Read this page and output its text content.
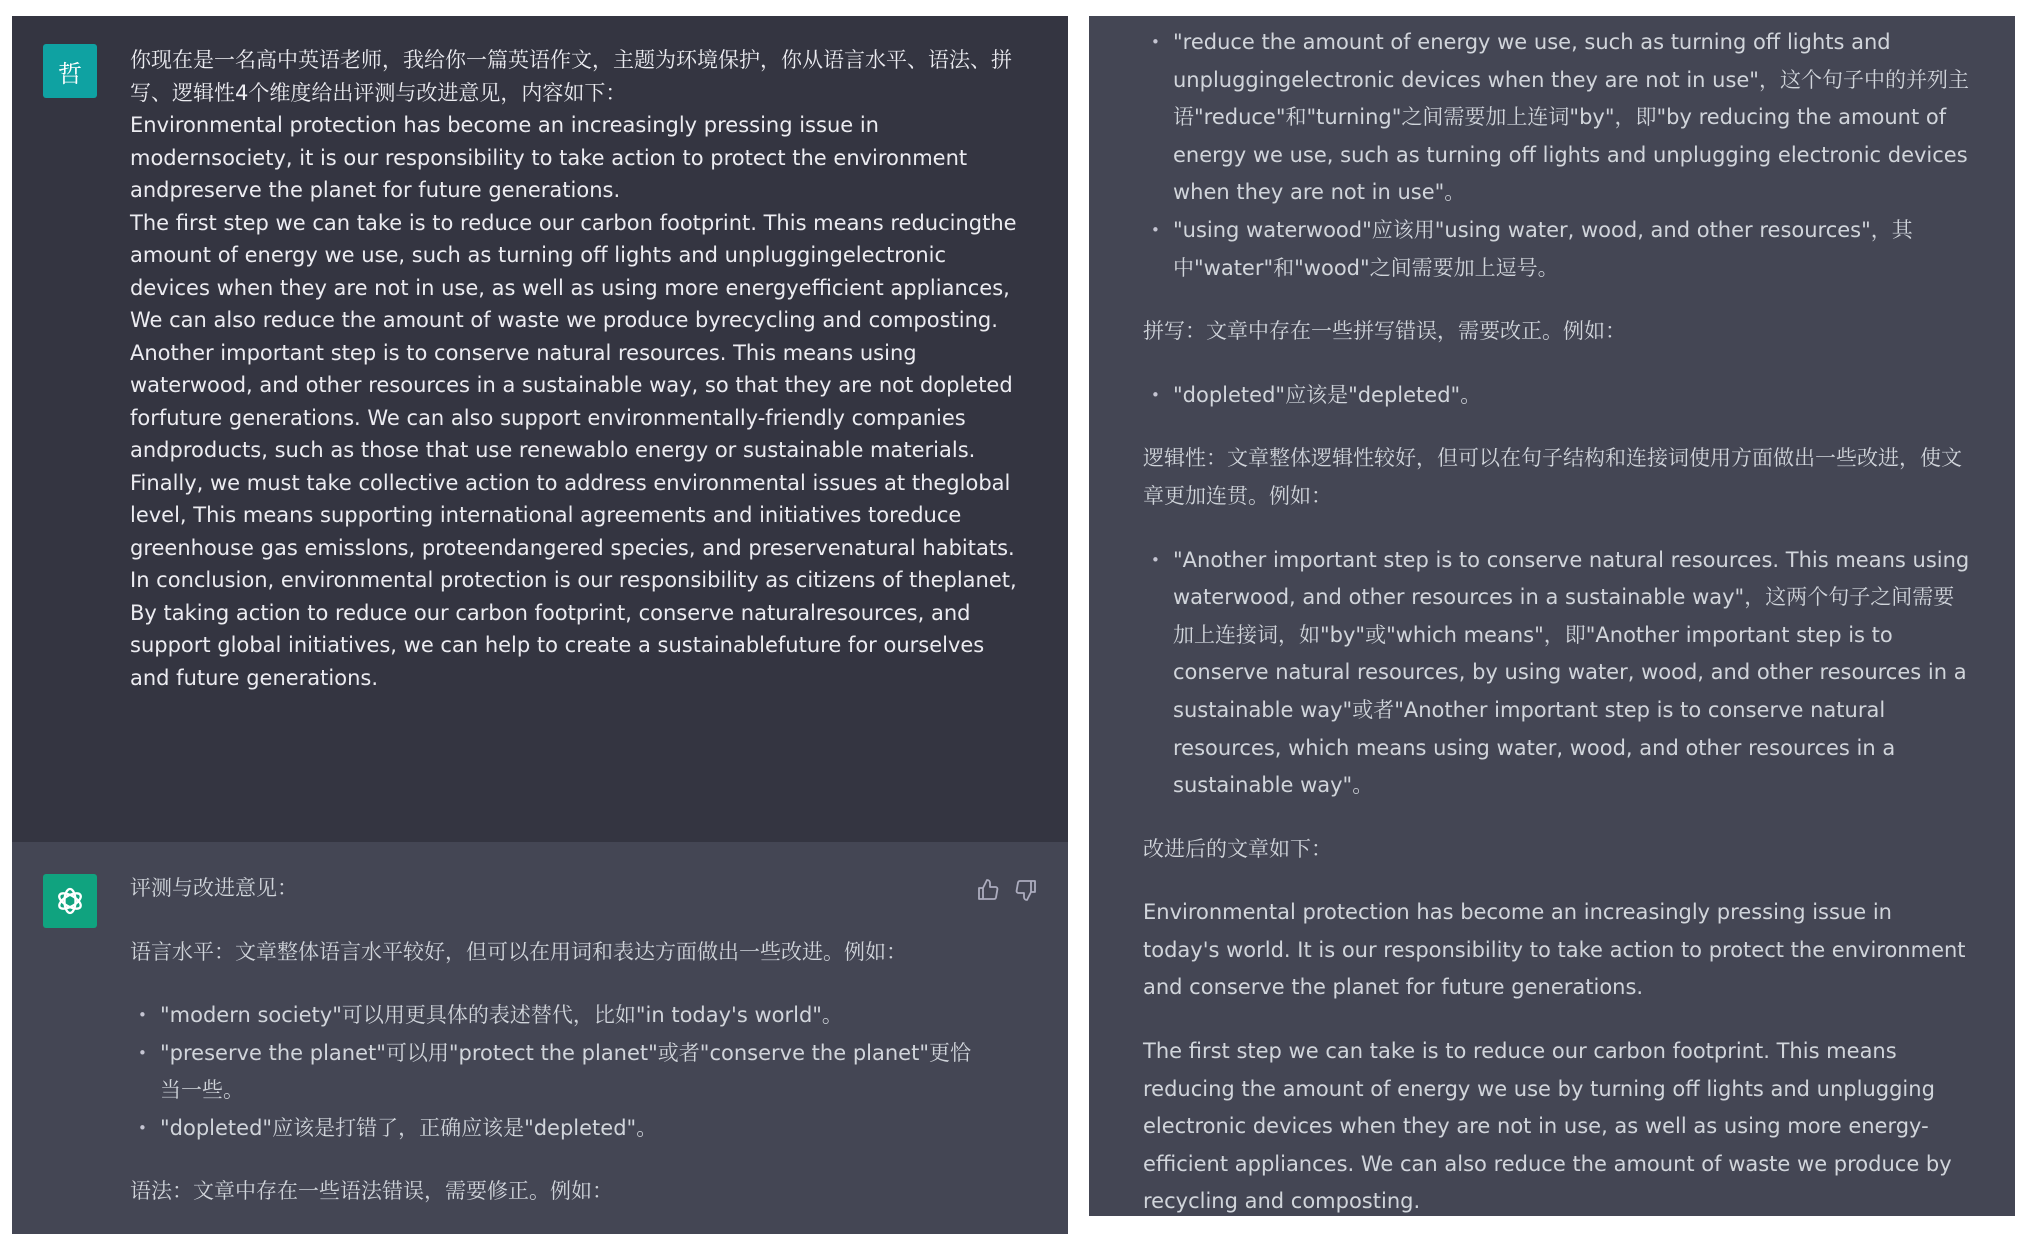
哲	你现在是一名高中英语老师，我给你一篇英语作文，主题为环境保护，你从语言水平、语法、拼写、逻辑性4个维度给出评测与改进意见，内容如下：

Environmental protection has become an increasingly pressing issue in modernsociety, it is our responsibility to take action to protect the environment andpreserve the planet for future generations.

The first step we can take is to reduce our carbon footprint. This means reducingthe amount of energy we use, such as turning off lights and unpluggingelectronic devices when they are not in use, as well as using more energyefficient appliances, We can also reduce the amount of waste we produce byrecycling and composting.

Another important step is to conserve natural resources. This means using waterwood, and other resources in a sustainable way, so that they are not dopleted forfuture generations. We can also support environmentally-friendly companies andproducts, such as those that use renewablo energy or sustainable materials.

Finally, we must take collective action to address environmental issues at theglobal level, This means supporting international agreements and initiatives toreduce greenhouse gas emisslons, proteendangered species, and preservenatural habitats.

In conclusion, environmental protection is our responsibility as citizens of theplanet, By taking action to reduce our carbon footprint, conserve naturalresources, and support global initiatives, we can help to create a sustainablefuture for ourselves and future generations.

评测与改进意见：

语言水平：文章整体语言水平较好，但可以在用词和表达方面做出一些改进。例如：

• "modern society"可以用更具体的表述替代，比如"in today's world"。
• "preserve the planet"可以用"protect the planet"或者"conserve the planet"更恰当一些。
• "dopleted"应该是打错了，正确应该是"depleted"。

语法：文章中存在一些语法错误，需要修正。例如：

• "reduce the amount of energy we use, such as turning off lights and unpluggingelectronic devices when they are not in use"，这个句子中的并列主语"reduce"和"turning"之间需要加上连词"by"，即"by reducing the amount of energy we use, such as turning off lights and unplugging electronic devices when they are not in use"。
• "using waterwood"应该用"using water, wood, and other resources"，其中"water"和"wood"之间需要加上逗号。

拼写：文章中存在一些拼写错误，需要改正。例如：

• "dopleted"应该是"depleted"。

逻辑性：文章整体逻辑性较好，但可以在句子结构和连接词使用方面做出一些改进，使文章更加连贯。例如：

• "Another important step is to conserve natural resources. This means using waterwood, and other resources in a sustainable way"，这两个句子之间需要加上连接词，如"by"或"which means"，即"Another important step is to conserve natural resources, by using water, wood, and other resources in a sustainable way"或者"Another important step is to conserve natural resources, which means using water, wood, and other resources in a sustainable way"。

改进后的文章如下：

Environmental protection has become an increasingly pressing issue in today's world. It is our responsibility to take action to protect the environment and conserve the planet for future generations.

The first step we can take is to reduce our carbon footprint. This means reducing the amount of energy we use by turning off lights and unplugging electronic devices when they are not in use, as well as using more energy-efficient appliances. We can also reduce the amount of waste we produce by recycling and composting.
